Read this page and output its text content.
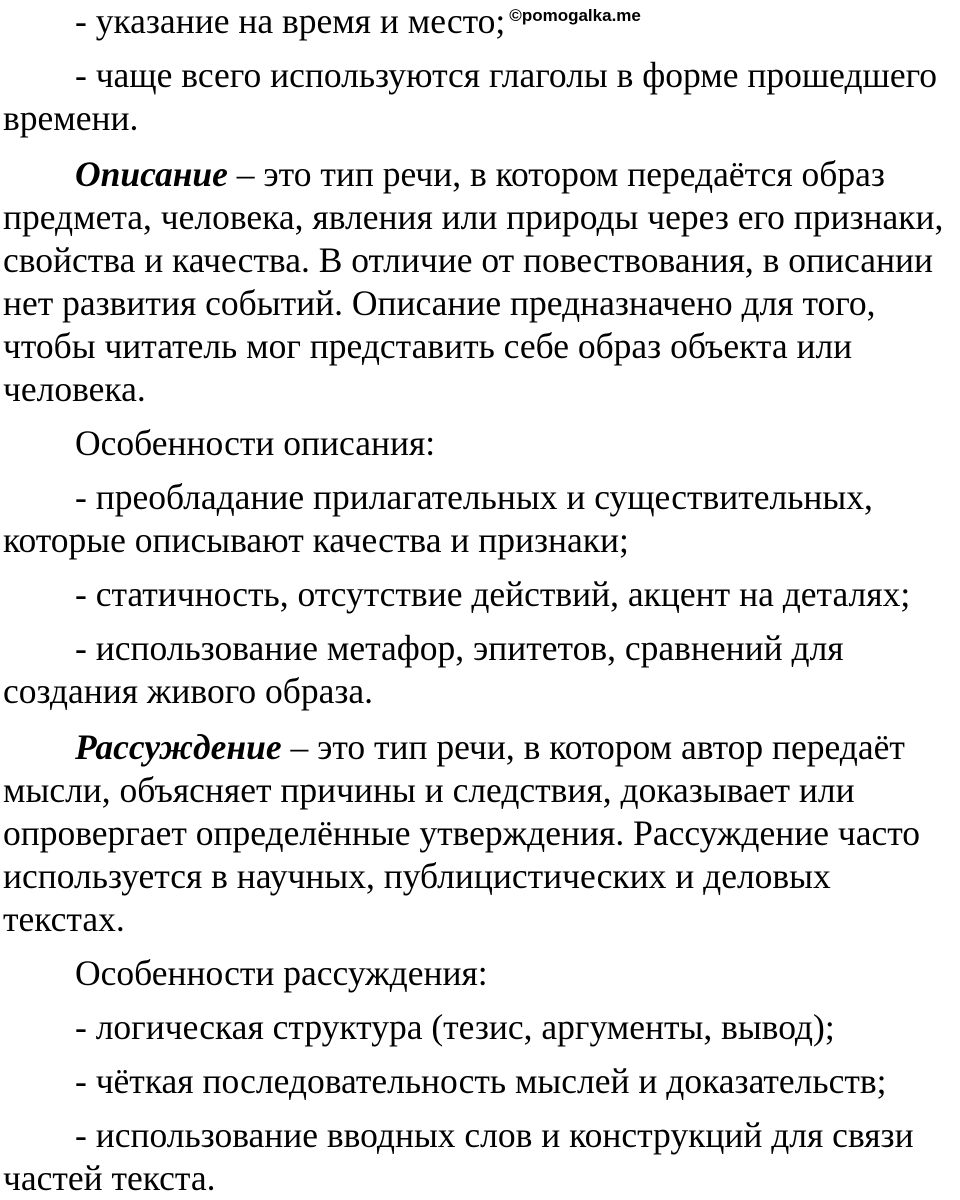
- указание на время и место; $^{©pomogalka.me}$

- чаще всего используются глаголы в форме прошедшего времени.

Описание – это тип речи, в котором передаётся образ предмета, человека, явления или природы через его признаки, свойства и качества. В отличие от повествования, в описании нет развития событий. Описание предназначено для того, чтобы читатель мог представить себе образ объекта или человека.

Особенности описания:

- преобладание прилагательных и существительных, которые описывают качества и признаки;

- статичность, отсутствие действий, акцент на деталях;

- использование метафор, эпитетов, сравнений для создания живого образа.

Рассуждение – это тип речи, в котором автор передаёт мысли, объясняет причины и следствия, доказывает или опровергает определённые утверждения. Рассуждение часто используется в научных, публицистических и деловых текстах.

Особенности рассуждения:

- логическая структура (тезис, аргументы, вывод);

- чёткая последовательность мыслей и доказательств;

- использование вводных слов и конструкций для связи частей текста.
